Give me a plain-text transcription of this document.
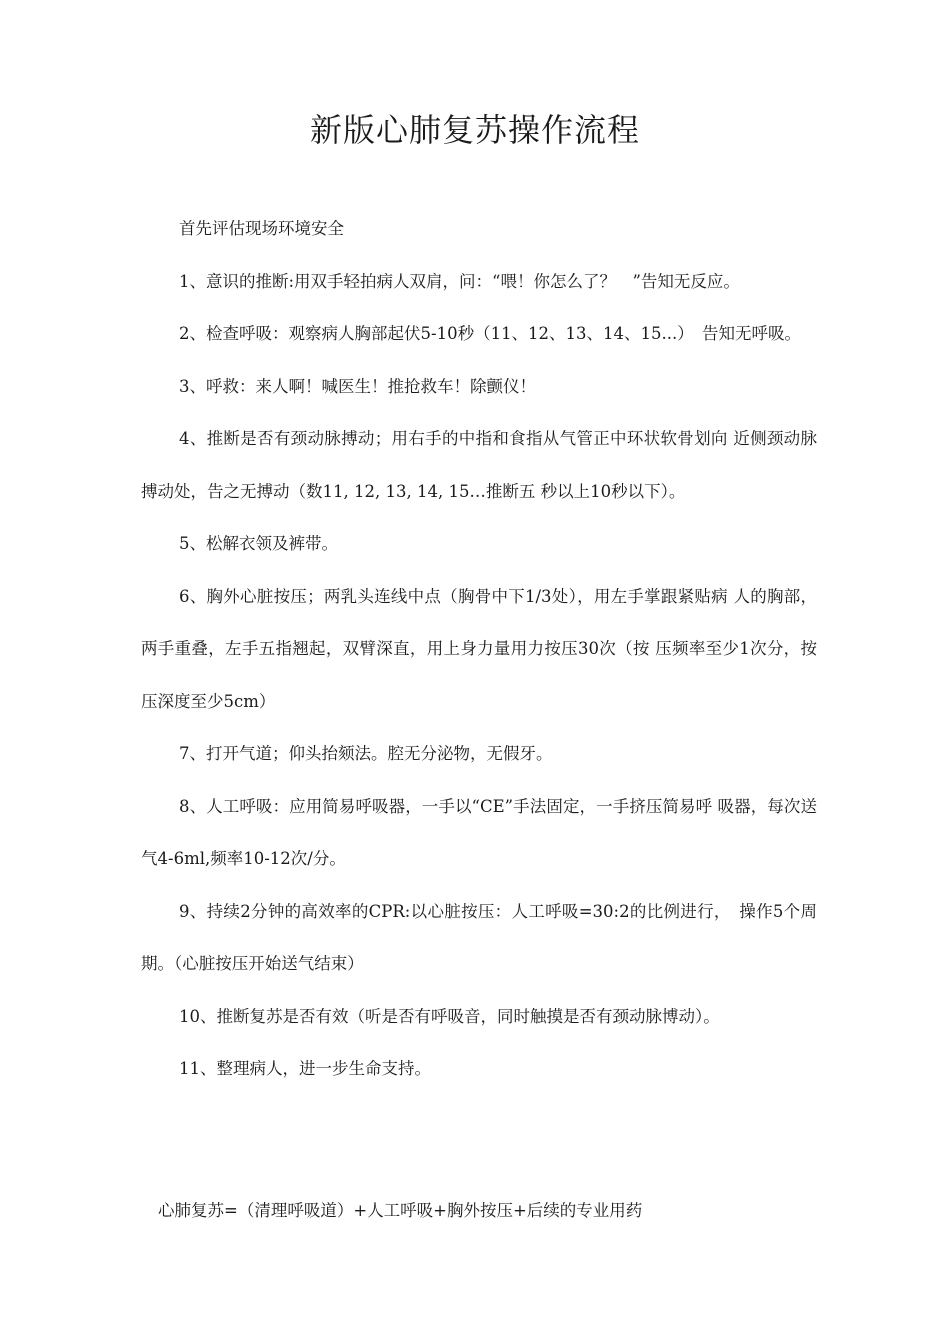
新版心肺复苏操作流程

首先评估现场环境安全

1、意识的推断:用双手轻拍病人双肩，问：“喂！你怎么了？　”告知无反应。

2、检查呼吸：观察病人胸部起伏5-10秒（11、12、13、14、15...）　告知无呼吸。

3、呼救：来人啊！喊医生！推抢救车！除颤仪！

4、推断是否有颈动脉搏动；用右手的中指和食指从气管正中环状软骨划向 近侧颈动脉搏动处，告之无搏动（数11, 12, 13, 14, 15…推断五 秒以上10秒以下）。

5、松解衣领及裤带。

6、胸外心脏按压；两乳头连线中点（胸骨中下1/3处），用左手掌跟紧贴病 人的胸部，两手重叠，左手五指翘起，双臂深直，用上身力量用力按压30次（按 压频率至少1次分，按压深度至少5cm）

7、打开气道；仰头抬颏法。腔无分泌物，无假牙。

8、人工呼吸：应用简易呼吸器，一手以“CE”手法固定，一手挤压简易呼 吸器，每次送气4-6ml,频率10-12次/分。

9、持续2分钟的高效率的CPR:以心脏按压：人工呼吸=30:2的比例进行，　操作5个周期。（心脏按压开始送气结束）

10、推断复苏是否有效（听是否有呼吸音，同时触摸是否有颈动脉博动）。

11、整理病人，进一步生命支持。

心肺复苏=（清理呼吸道）+人工呼吸+胸外按压+后续的专业用药
